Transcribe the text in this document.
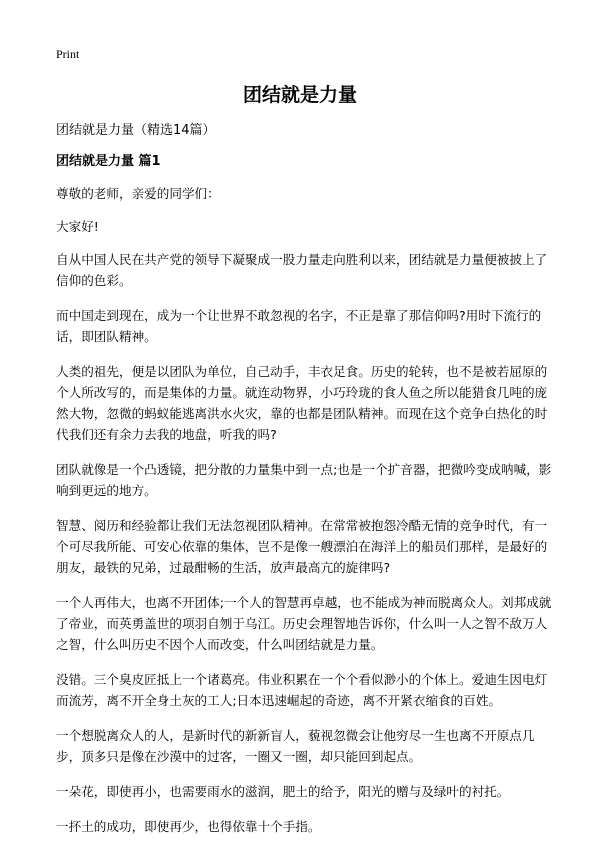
Print
团结就是力量
团结就是力量（精选14篇）
团结就是力量 篇1

尊敬的老师，亲爱的同学们：

大家好!

自从中国人民在共产党的领导下凝聚成一股力量走向胜利以来，团结就是力量便被披上了信仰的色彩。

而中国走到现在，成为一个让世界不敢忽视的名字，不正是靠了那信仰吗?用时下流行的话，即团队精神。

人类的祖先，便是以团队为单位，自己动手，丰衣足食。历史的轮转，也不是被若屈原的个人所改写的，而是集体的力量。就连动物界，小巧玲珑的食人鱼之所以能猎食几吨的庞然大物，忽微的蚂蚁能逃离洪水火灾，靠的也都是团队精神。而现在这个竞争白热化的时代我们还有余力去我的地盘，听我的吗?

团队就像是一个凸透镜，把分散的力量集中到一点;也是一个扩音器，把微吟变成呐喊，影响到更远的地方。

智慧、阅历和经验都让我们无法忽视团队精神。在常常被抱怨冷酷无情的竞争时代，有一个可尽我所能、可安心依靠的集体，岂不是像一艘漂泊在海洋上的船员们那样，是最好的朋友，最铁的兄弟，过最酣畅的生活，放声最高亢的旋律吗?

一个人再伟大，也离不开团体;一个人的智慧再卓越，也不能成为神而脱离众人。刘邦成就了帝业，而英勇盖世的项羽自刎于乌江。历史会理智地告诉你，什么叫一人之智不敌万人之智，什么叫历史不因个人而改变，什么叫团结就是力量。

没错。三个臭皮匠抵上一个诸葛亮。伟业积累在一个个看似渺小的个体上。爱迪生因电灯而流芳，离不开全身土灰的工人;日本迅速崛起的奇迹，离不开紧衣缩食的百姓。

一个想脱离众人的人，是新时代的新新盲人，藐视忽微会让他穷尽一生也离不开原点几步，顶多只是像在沙漠中的过客，一圈又一圈，却只能回到起点。

一朵花，即使再小，也需要雨水的滋润，肥土的给予，阳光的赠与及绿叶的衬托。

一抔土的成功，即使再少，也得依靠十个手指。
